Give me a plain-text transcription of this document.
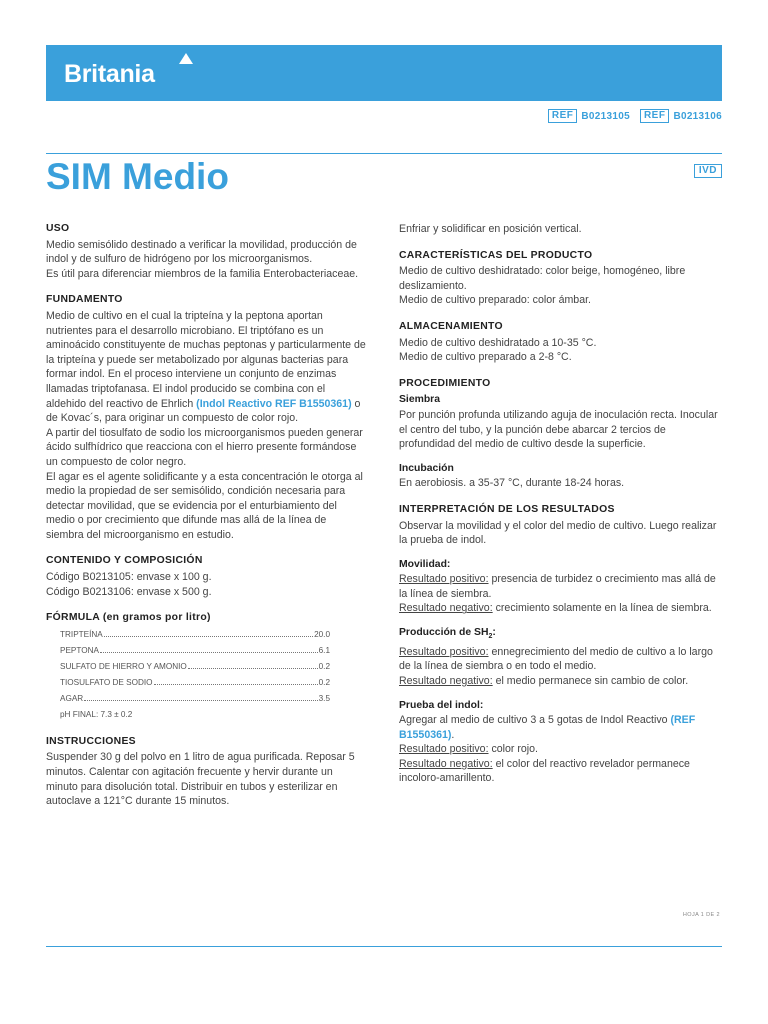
Britania
REF B0213105	REF B0213106
SIM Medio	IVD
USO

Medio semisólido destinado a verificar la movilidad, producción de indol y de sulfuro de hidrógeno por los microorganismos.

Es útil para diferenciar miembros de la familia Enterobacteriaceae.

FUNDAMENTO

Medio de cultivo en el cual la tripteína y la peptona aportan nutrientes para el desarrollo microbiano. El triptófano es un aminoácido constituyente de muchas peptonas y particularmente de la tripteína y puede ser metabolizado por algunas bacterias para formar indol. En el proceso interviene un conjunto de enzimas llamadas triptofanasa. El indol producido se combina con el aldehido del reactivo de Ehrlich (Indol Reactivo REF B1550361) o de Kovac´s, para originar un compuesto de color rojo.

A partir del tiosulfato de sodio los microorganismos pueden generar ácido sulfhídrico que reacciona con el hierro presente formándose un compuesto de color negro.

El agar es el agente solidificante y a esta concentración le otorga al medio la propiedad de ser semisólido, condición necesaria para detectar movilidad, que se evidencia por el enturbiamiento del medio o por crecimiento que difunde mas allá de la línea de siembra del microorganismo en estudio.

CONTENIDO Y COMPOSICIÓN

Código B0213105: envase x 100 g.

Código B0213106: envase x 500 g.

FÓRMULA (en gramos por litro)
TRIPTEÍNA	20.0
PEPTONA	6.1
SULFATO DE HIERRO Y AMONIO	0.2
TIOSULFATO DE SODIO	0.2
AGAR	3.5
pH FINAL: 7.3 ± 0.2
INSTRUCCIONES

Suspender 30 g del polvo en 1 litro de agua purificada. Reposar 5 minutos. Calentar con agitación frecuente y hervir durante un minuto para disolución total. Distribuir en tubos y esterilizar en autoclave a 121°C durante 15 minutos.

Enfriar y solidificar en posición vertical.

CARACTERÍSTICAS DEL PRODUCTO

Medio de cultivo deshidratado: color beige, homogéneo, libre deslizamiento.

Medio de cultivo preparado: color ámbar.

ALMACENAMIENTO

Medio de cultivo deshidratado a 10-35 °C.

Medio de cultivo preparado a 2-8 °C.

PROCEDIMIENTO
Siembra

Por punción profunda utilizando aguja de inoculación recta. Inocular el centro del tubo, y la punción debe abarcar 2 tercios de profundidad del medio de cultivo desde la superficie.

Incubación

En aerobiosis. a 35-37 °C, durante 18-24 horas.

INTERPRETACIÓN DE LOS RESULTADOS

Observar la movilidad y el color del medio de cultivo. Luego realizar la prueba de indol.

Movilidad:

Resultado positivo: presencia de turbidez o crecimiento mas allá de la línea de siembra.

Resultado negativo: crecimiento solamente en la línea de siembra.

Producción de $SH_2$:

Resultado positivo: ennegrecimiento del medio de cultivo a lo largo de la línea de siembra o en todo el medio.

Resultado negativo: el medio permanece sin cambio de color.

Prueba del indol:

Agregar al medio de cultivo 3 a 5 gotas de Indol Reactivo (REF B1550361).

Resultado positivo: color rojo.

Resultado negativo: el color del reactivo revelador permanece incoloro-amarillento.

HOJA 1 DE 2
